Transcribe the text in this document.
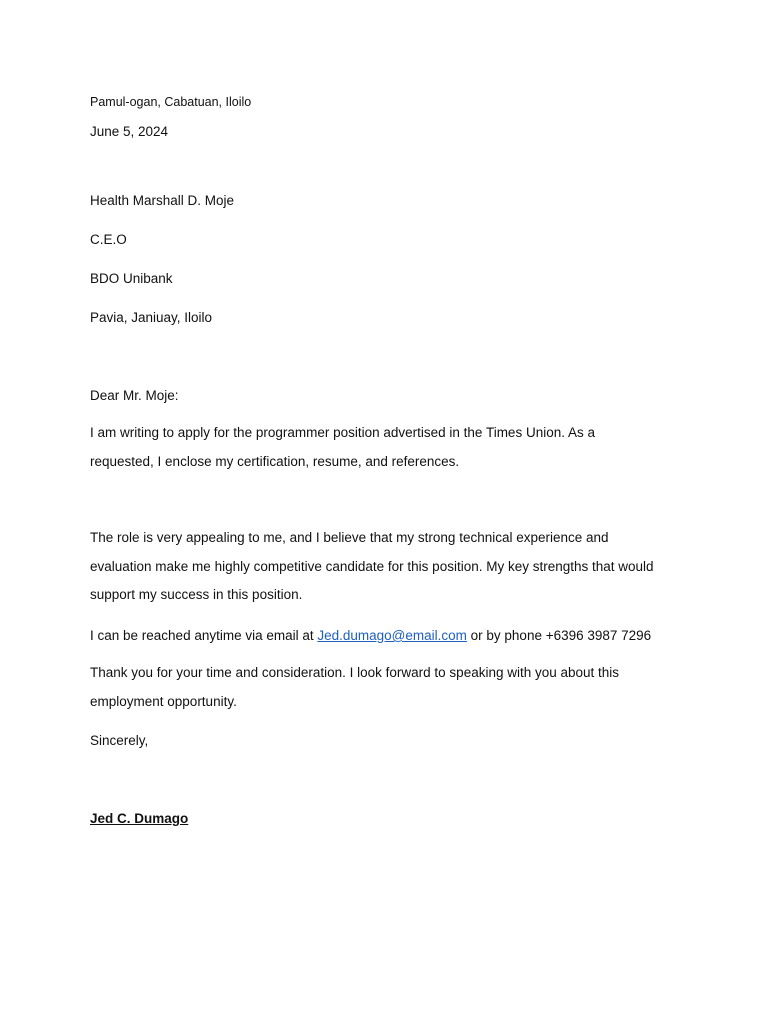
Pamul-ogan, Cabatuan, Iloilo

June 5, 2024

Health Marshall D. Moje

C.E.O

BDO Unibank

Pavia, Janiuay, Iloilo

Dear Mr. Moje:

I am writing to apply for the programmer position advertised in the Times Union. As a
requested, I enclose my certification, resume, and references.
The role is very appealing to me, and I believe that my strong technical experience and
evaluation make me highly competitive candidate for this position. My key strengths that would
support my success in this position.

I can be reached anytime via email at Jed.dumago@email.com or by phone +6396 3987 7296

Thank you for your time and consideration. I look forward to speaking with you about this
employment opportunity.

Sincerely,

Jed C. Dumago
